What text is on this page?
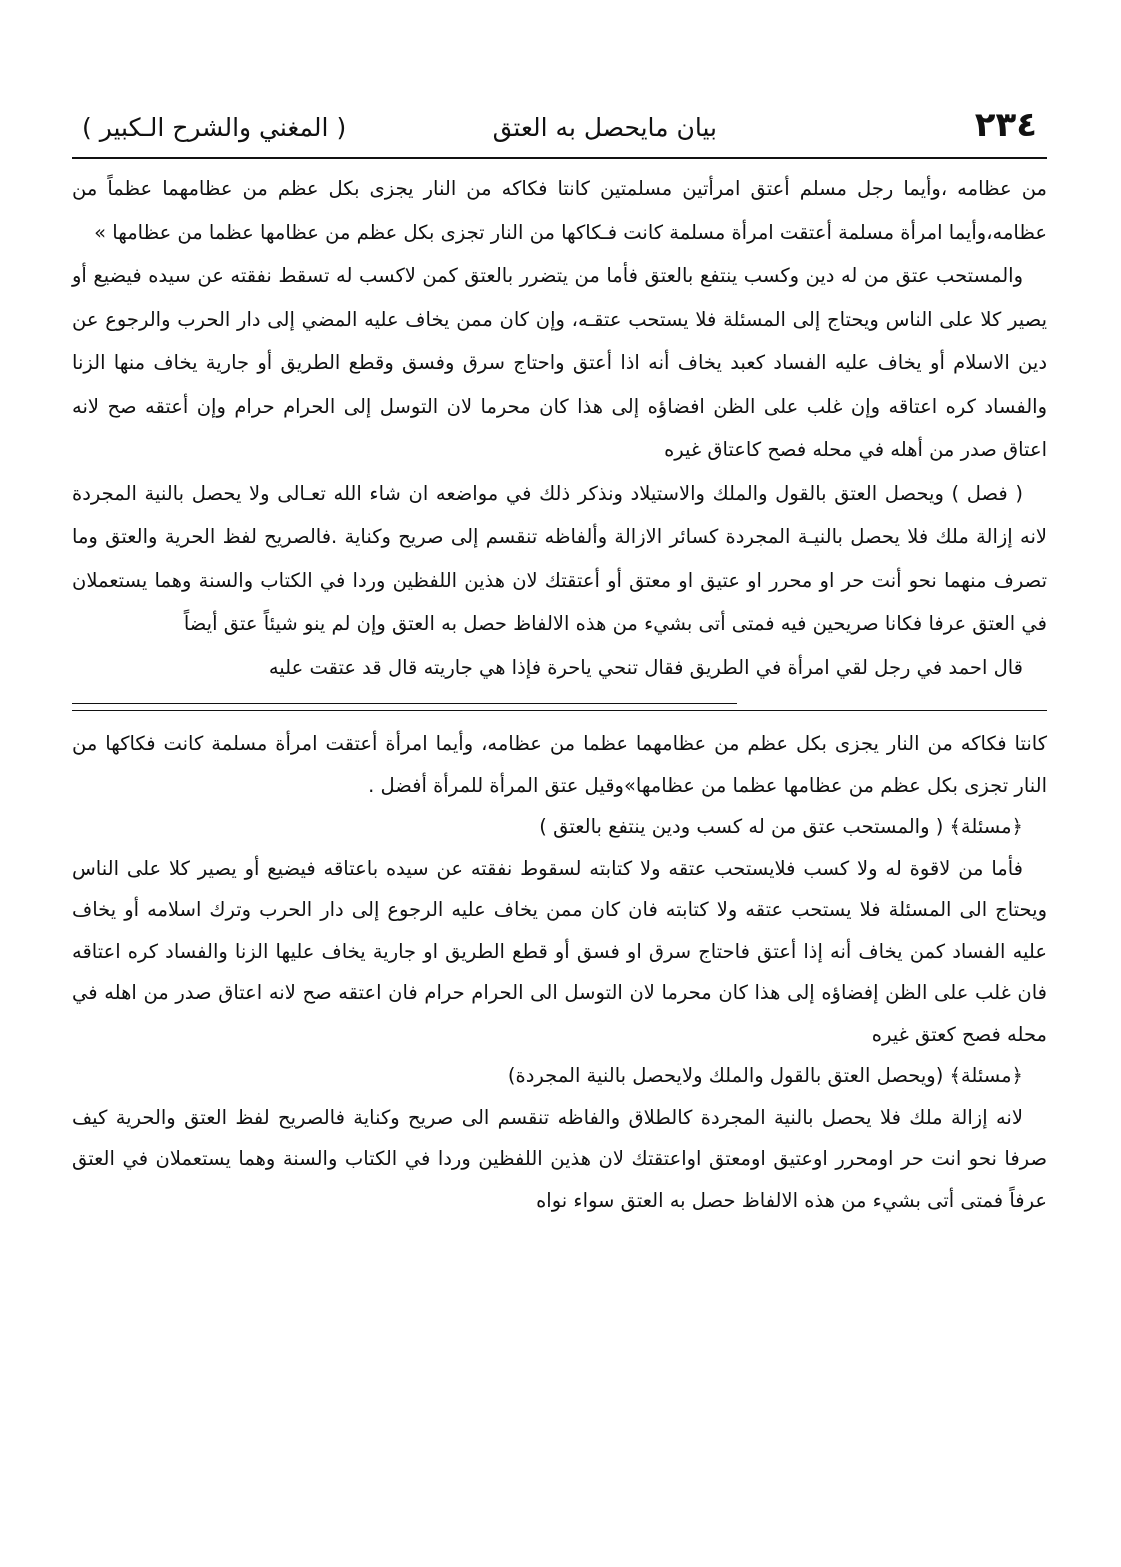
٢٣٤
بيان مايحصل به العتق
( المغني والشرح الـكبير )

من عظامه ،وأيما رجل مسلم أعتق امرأتين مسلمتين كانتا فكاكه من النار يجزى بكل عظم من عظامهما عظماً من عظامه،وأيما امرأة مسلمة أعتقت امرأة مسلمة كانت فـكاكها من النار تجزى بكل عظم من عظامها عظما من عظامها »

والمستحب عتق من له دين وكسب ينتفع بالعتق فأما من يتضرر بالعتق كمن لاكسب له تسقط نفقته عن سيده فيضيع أو يصير كلا على الناس ويحتاج إلى المسئلة فلا يستحب عتقـه، وإن كان ممن يخاف عليه المضي إلى دار الحرب والرجوع عن دين الاسلام أو يخاف عليه الفساد كعبد يخاف أنه اذا أعتق واحتاج سرق وفسق وقطع الطريق أو جارية يخاف منها الزنا والفساد كره اعتاقه وإن غلب على الظن افضاؤه إلى هذا كان محرما لان التوسل إلى الحرام حرام وإن أعتقه صح لانه اعتاق صدر من أهله في محله فصح كاعتاق غيره

( فصل ) ويحصل العتق بالقول والملك والاستيلاد ونذكر ذلك في مواضعه ان شاء الله تعـالى ولا يحصل بالنية المجردة لانه إزالة ملك فلا يحصل بالنيـة المجردة كسائر الازالة وألفاظه تنقسم إلى صريح وكناية .فالصريح لفظ الحرية والعتق وما تصرف منهما نحو أنت حر او محرر او عتيق او معتق أو أعتقتك لان هذين اللفظين وردا في الكتاب والسنة وهما يستعملان في العتق عرفا فكانا صريحين فيه فمتى أتى بشيء من هذه الالفاظ حصل به العتق وإن لم ينو شيئاً عتق أيضاً

قال احمد في رجل لقي امرأة في الطريق فقال تنحي ياحرة فإذا هي جاريته قال قد عتقت عليه

كانتا فكاكه من النار يجزى بكل عظم من عظامهما عظما من عظامه، وأيما امرأة أعتقت امرأة مسلمة كانت فكاكها من النار تجزى بكل عظم من عظامها عظما من عظامها»وقيل عتق المرأة للمرأة أفضل .

﴿مسئلة﴾ ( والمستحب عتق من له كسب ودين ينتفع بالعتق )

فأما من لاقوة له ولا كسب فلايستحب عتقه ولا كتابته لسقوط نفقته عن سيده باعتاقه فيضيع أو يصير كلا على الناس ويحتاج الى المسئلة فلا يستحب عتقه ولا كتابته فان كان ممن يخاف عليه الرجوع إلى دار الحرب وترك اسلامه أو يخاف عليه الفساد كمن يخاف أنه إذا أعتق فاحتاج سرق او فسق أو قطع الطريق او جارية يخاف عليها الزنا والفساد كره اعتاقه فان غلب على الظن إفضاؤه إلى هذا كان محرما لان التوسل الى الحرام حرام فان اعتقه صح لانه اعتاق صدر من اهله في محله فصح كعتق غيره

﴿مسئلة﴾ (ويحصل العتق بالقول والملك ولايحصل بالنية المجردة)

لانه إزالة ملك فلا يحصل بالنية المجردة كالطلاق والفاظه تنقسم الى صريح وكناية فالصريح لفظ العتق والحرية كيف صرفا نحو انت حر اومحرر اوعتيق اومعتق اواعتقتك لان هذين اللفظين وردا في الكتاب والسنة وهما يستعملان في العتق عرفاً فمتى أتى بشيء من هذه الالفاظ حصل به العتق سواء نواه
